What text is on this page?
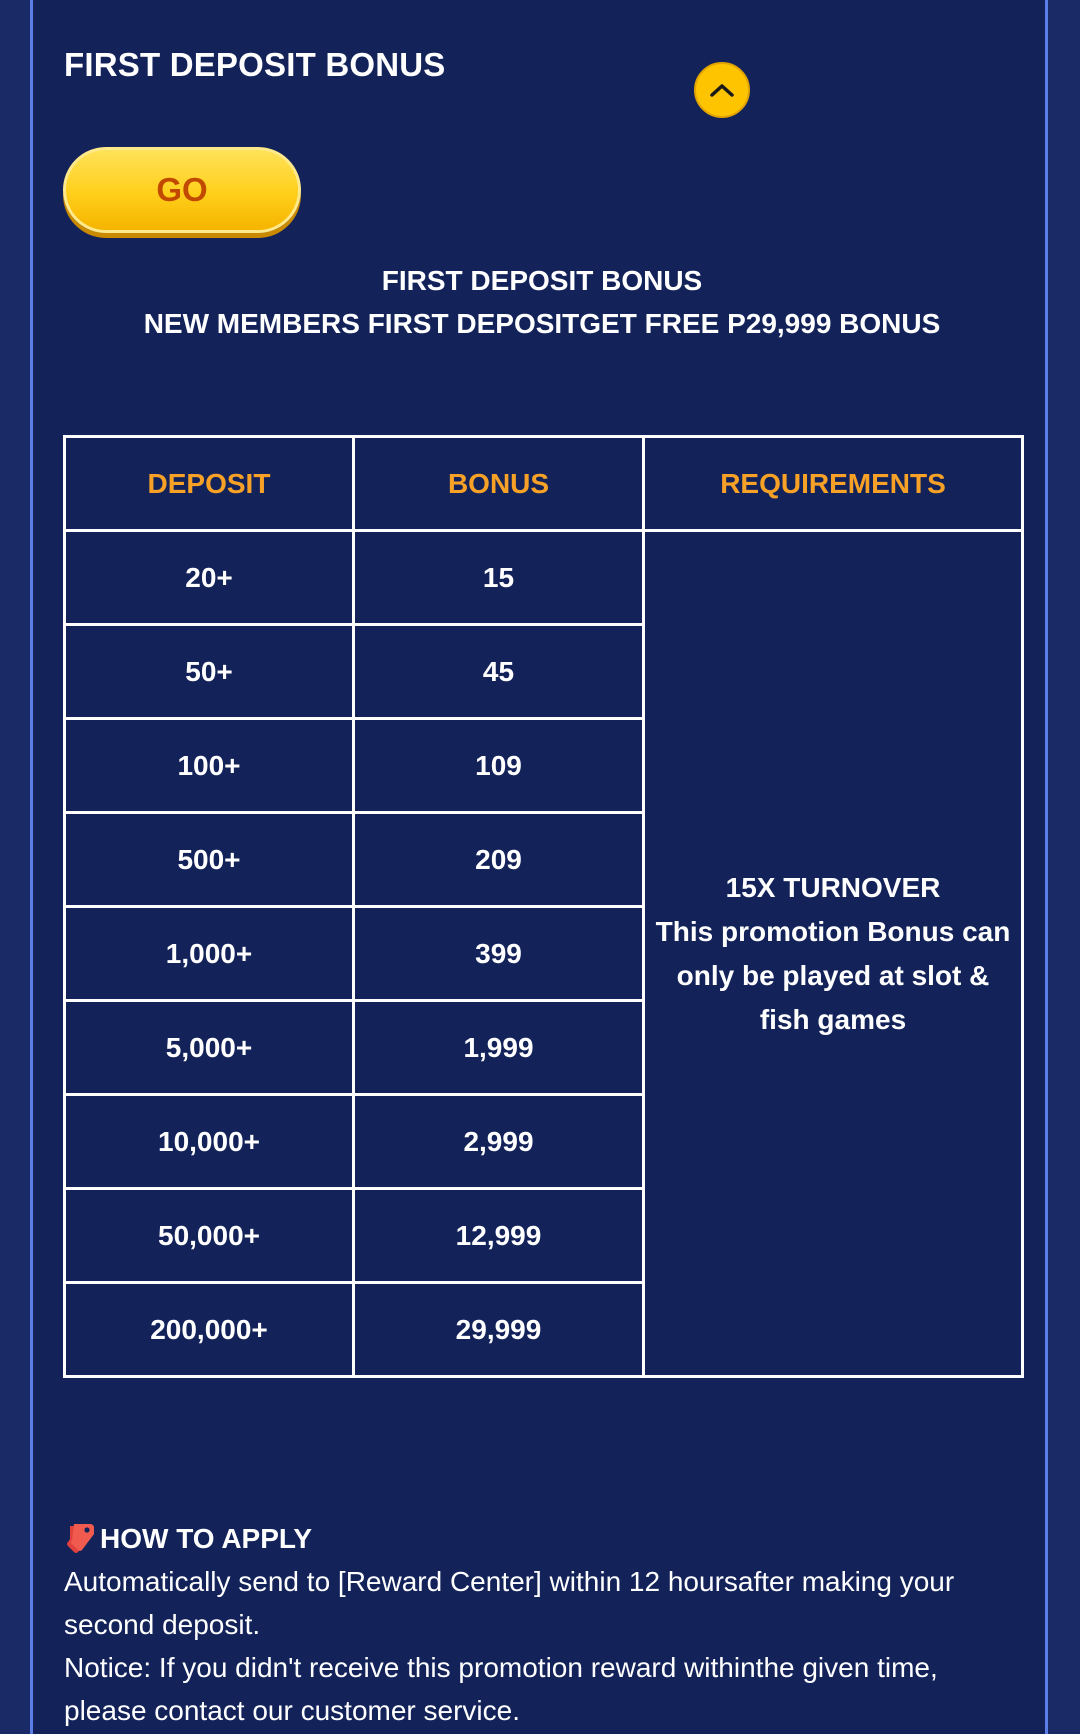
FIRST DEPOSIT BONUS
GO
FIRST DEPOSIT BONUS
NEW MEMBERS FIRST DEPOSITGET FREE P29,999 BONUS
DEPOSIT	BONUS	REQUIREMENTS
20+	15	15X TURNOVER
This promotion Bonus can only be played at slot & fish games

50+	45	
100+	109	
500+	209	
1,000+	399	
5,000+	1,999	
10,000+	2,999	
50,000+	12,999	
200,000+	29,999	
HOW TO APPLY
Automatically send to [Reward Center] within 12 hoursafter making your second deposit.
Notice: If you didn't receive this promotion reward withinthe given time, please contact our customer service.
